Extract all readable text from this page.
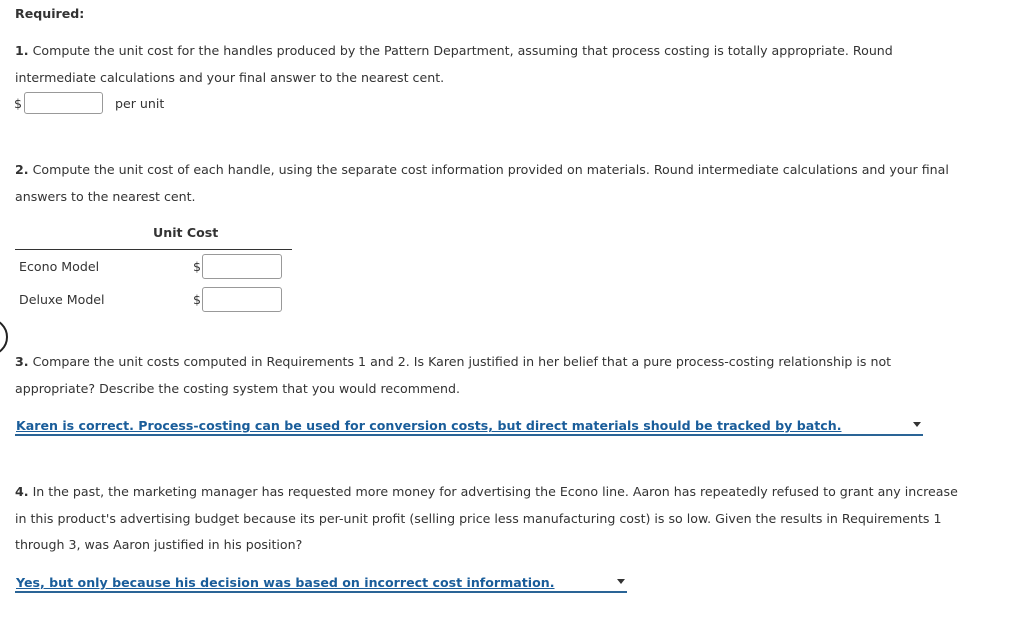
Required:
1. Compute the unit cost for the handles produced by the Pattern Department, assuming that process costing is totally appropriate. Round
intermediate calculations and your final answer to the nearest cent.
$	per unit
2. Compute the unit cost of each handle, using the separate cost information provided on materials. Round intermediate calculations and your final
answers to the nearest cent.
Unit Cost
Econo Model	$
Deluxe Model	$
3. Compare the unit costs computed in Requirements 1 and 2. Is Karen justified in her belief that a pure process-costing relationship is not
appropriate? Describe the costing system that you would recommend.
Karen is correct. Process-costing can be used for conversion costs, but direct materials should be tracked by batch.
4. In the past, the marketing manager has requested more money for advertising the Econo line. Aaron has repeatedly refused to grant any increase
in this product's advertising budget because its per-unit profit (selling price less manufacturing cost) is so low. Given the results in Requirements 1
through 3, was Aaron justified in his position?
Yes, but only because his decision was based on incorrect cost information.
